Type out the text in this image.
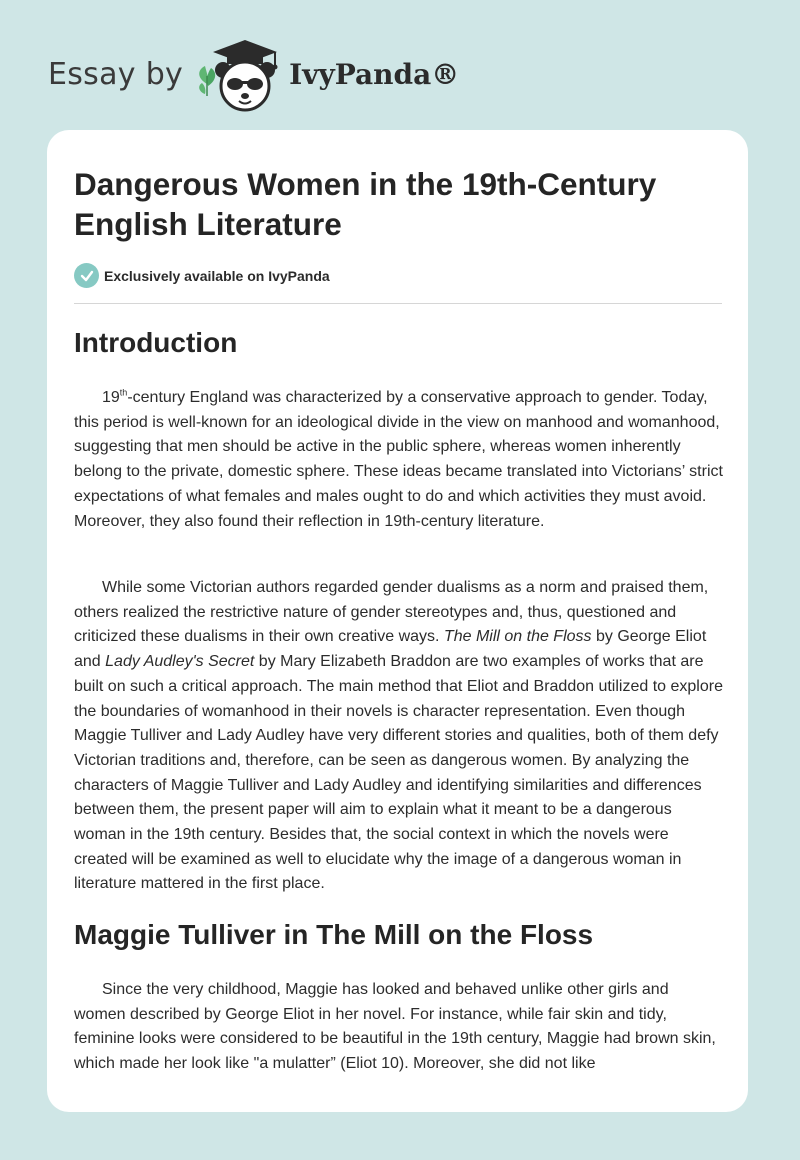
Essay by	IvyPanda®
Dangerous Women in the 19th-Century English Literature
Exclusively available on IvyPanda
Introduction

19th-century England was characterized by a conservative approach to gender. Today, this period is well-known for an ideological divide in the view on manhood and womanhood, suggesting that men should be active in the public sphere, whereas women inherently belong to the private, domestic sphere. These ideas became translated into Victorians’ strict expectations of what females and males ought to do and which activities they must avoid. Moreover, they also found their reflection in 19th-century literature.

While some Victorian authors regarded gender dualisms as a norm and praised them, others realized the restrictive nature of gender stereotypes and, thus, questioned and criticized these dualisms in their own creative ways. The Mill on the Floss by George Eliot and Lady Audley's Secret by Mary Elizabeth Braddon are two examples of works that are built on such a critical approach. The main method that Eliot and Braddon utilized to explore the boundaries of womanhood in their novels is character representation. Even though Maggie Tulliver and Lady Audley have very different stories and qualities, both of them defy Victorian traditions and, therefore, can be seen as dangerous women. By analyzing the characters of Maggie Tulliver and Lady Audley and identifying similarities and differences between them, the present paper will aim to explain what it meant to be a dangerous woman in the 19th century. Besides that, the social context in which the novels were created will be examined as well to elucidate why the image of a dangerous woman in literature mattered in the first place.

Maggie Tulliver in The Mill on the Floss

Since the very childhood, Maggie has looked and behaved unlike other girls and women described by George Eliot in her novel. For instance, while fair skin and tidy, feminine looks were considered to be beautiful in the 19th century, Maggie had brown skin, which made her look like "a mulatter” (Eliot 10). Moreover, she did not like
